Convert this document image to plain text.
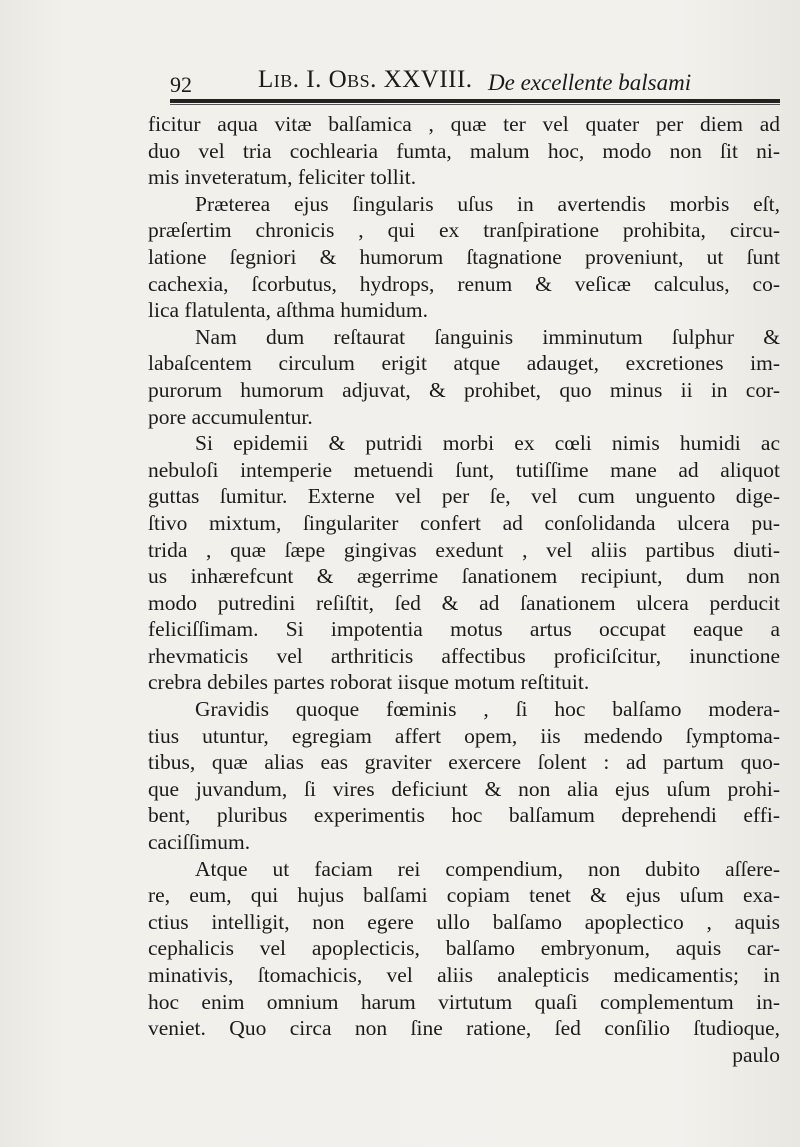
92	Lib. I. Obs. XXVIII. De excellente balsami
ficitur aqua vitæ balſamica , quæ ter vel quater per diem ad
duo vel tria cochlearia fumta, malum hoc, modo non ſit ni-
mis inveteratum, feliciter tollit.
Præterea ejus ſingularis uſus in avertendis morbis eſt,
præſertim chronicis , qui ex tranſpiratione prohibita, circu-
latione ſegniori & humorum ſtagnatione proveniunt, ut ſunt
cachexia, ſcorbutus, hydrops, renum & veſicæ calculus, co-
lica flatulenta, aſthma humidum.
Nam dum reſtaurat ſanguinis imminutum ſulphur &
labaſcentem circulum erigit atque adauget, excretiones im-
purorum humorum adjuvat, & prohibet, quo minus ii in cor-
pore accumulentur.
Si epidemii & putridi morbi ex cœli nimis humidi ac
nebuloſi intemperie metuendi ſunt, tutiſſime mane ad aliquot
guttas ſumitur. Externe vel per ſe, vel cum unguento dige-
ſtivo mixtum, ſingulariter confert ad conſolidanda ulcera pu-
trida , quæ ſæpe gingivas exedunt , vel aliis partibus diuti-
us inhærefcunt & ægerrime ſanationem recipiunt, dum non
modo putredini reſiſtit, ſed & ad ſanationem ulcera perducit
feliciſſimam. Si impotentia motus artus occupat eaque a
rhevmaticis vel arthriticis affectibus proficiſcitur, inunctione
crebra debiles partes roborat iisque motum reſtituit.
Gravidis quoque fœminis , ſi hoc balſamo modera-
tius utuntur, egregiam affert opem, iis medendo ſymptoma-
tibus, quæ alias eas graviter exercere ſolent : ad partum quo-
que juvandum, ſi vires deficiunt & non alia ejus uſum prohi-
bent, pluribus experimentis hoc balſamum deprehendi effi-
caciſſimum.
Atque ut faciam rei compendium, non dubito aſſere-
re, eum, qui hujus balſami copiam tenet & ejus uſum exa-
ctius intelligit, non egere ullo balſamo apoplectico , aquis
cephalicis vel apoplecticis, balſamo embryonum, aquis car-
minativis, ſtomachicis, vel aliis analepticis medicamentis; in
hoc enim omnium harum virtutum quaſi complementum in-
veniet. Quo circa non ſine ratione, ſed conſilio ſtudioque,
paulo
